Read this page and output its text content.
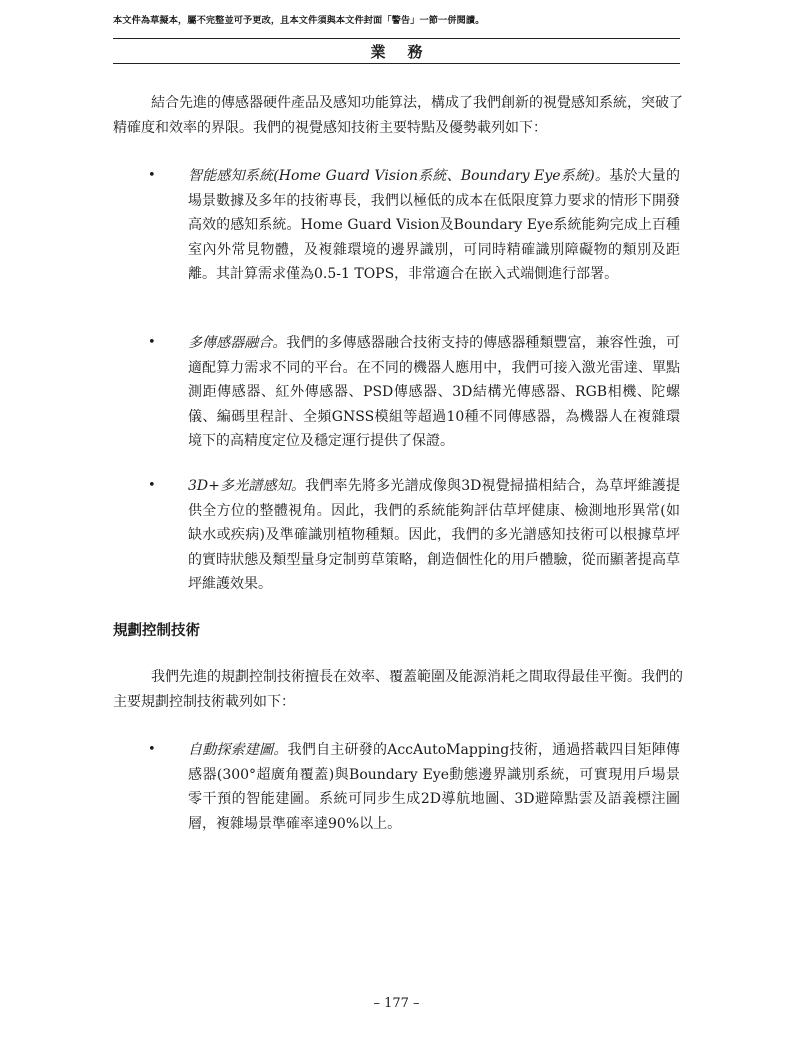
本文件為草擬本，屬不完整並可予更改，且本文件須與本文件封面「警告」一節一併閱讀。
業務

結合先進的傳感器硬件產品及感知功能算法，構成了我們創新的視覺感知系統，突破了精確度和效率的界限。我們的視覺感知技術主要特點及優勢載列如下：

• 智能感知系統(Home Guard Vision系統、Boundary Eye系統)。基於大量的場景數據及多年的技術專長，我們以極低的成本在低限度算力要求的情形下開發高效的感知系統。Home Guard Vision及Boundary Eye系統能夠完成上百種室內外常見物體，及複雜環境的邊界識別，可同時精確識別障礙物的類別及距離。其計算需求僅為0.5-1 TOPS，非常適合在嵌入式端側進行部署。

• 多傳感器融合。我們的多傳感器融合技術支持的傳感器種類豐富，兼容性強，可適配算力需求不同的平台。在不同的機器人應用中，我們可接入激光雷達、單點測距傳感器、紅外傳感器、PSD傳感器、3D結構光傳感器、RGB相機、陀螺儀、編碼里程計、全頻GNSS模組等超過10種不同傳感器，為機器人在複雜環境下的高精度定位及穩定運行提供了保證。

• 3D+多光譜感知。我們率先將多光譜成像與3D視覺掃描相結合，為草坪維護提供全方位的整體視角。因此，我們的系統能夠評估草坪健康、檢測地形異常(如缺水或疾病)及準確識別植物種類。因此，我們的多光譜感知技術可以根據草坪的實時狀態及類型量身定制剪草策略，創造個性化的用戶體驗，從而顯著提高草坪維護效果。

規劃控制技術

我們先進的規劃控制技術擅長在效率、覆蓋範圍及能源消耗之間取得最佳平衡。我們的主要規劃控制技術載列如下：

• 自動探索建圖。我們自主研發的AccAutoMapping技術，通過搭載四目矩陣傳感器(300°超廣角覆蓋)與Boundary Eye動態邊界識別系統，可實現用戶場景零干預的智能建圖。系統可同步生成2D導航地圖、3D避障點雲及語義標注圖層，複雜場景準確率達90%以上。

– 177 –
